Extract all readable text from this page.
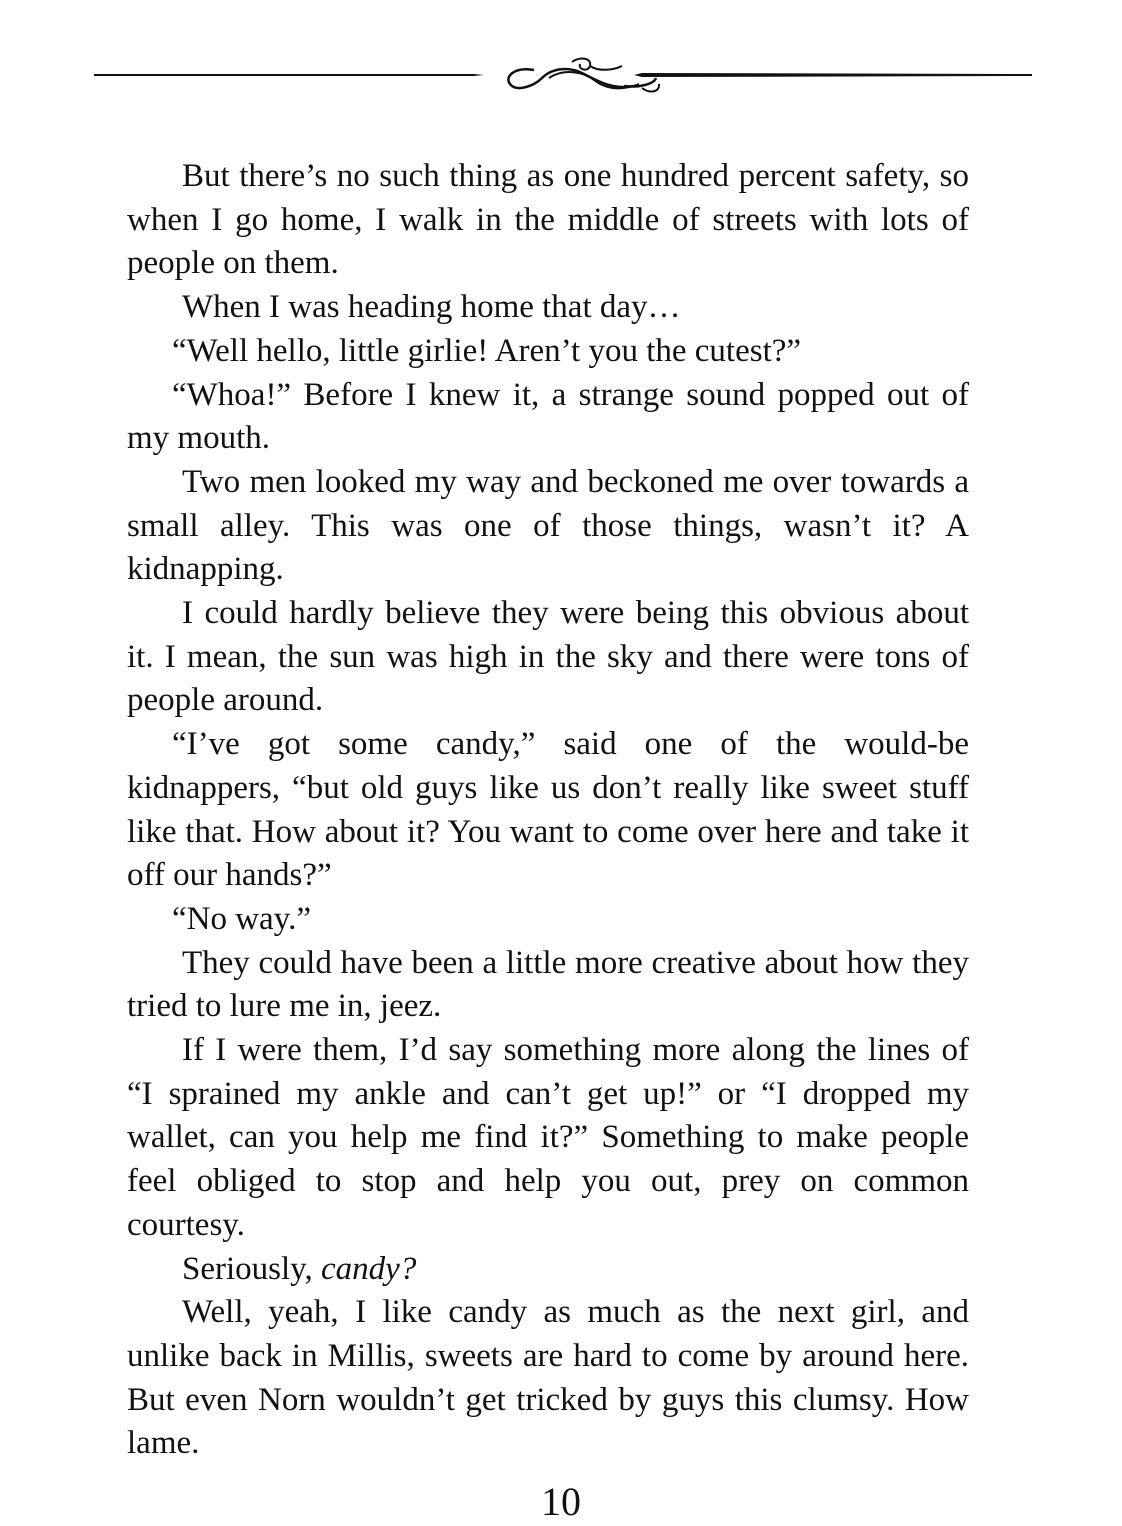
But there’s no such thing as one hundred percent safety, so when I go home, I walk in the middle of streets with lots of people on them.

When I was heading home that day…

“Well hello, little girlie! Aren’t you the cutest?”

“Whoa!” Before I knew it, a strange sound popped out of my mouth.

Two men looked my way and beckoned me over towards a small alley. This was one of those things, wasn’t it? A kidnapping.

I could hardly believe they were being this obvious about it. I mean, the sun was high in the sky and there were tons of people around.

“I’ve got some candy,” said one of the would-be kidnappers, “but old guys like us don’t really like sweet stuff like that. How about it? You want to come over here and take it off our hands?”

“No way.”

They could have been a little more creative about how they tried to lure me in, jeez.

If I were them, I’d say something more along the lines of “I sprained my ankle and can’t get up!” or “I dropped my wallet, can you help me find it?” Something to make people feel obliged to stop and help you out, prey on common courtesy.

Seriously, candy?

Well, yeah, I like candy as much as the next girl, and unlike back in Millis, sweets are hard to come by around here. But even Norn wouldn’t get tricked by guys this clumsy. How lame.

10
